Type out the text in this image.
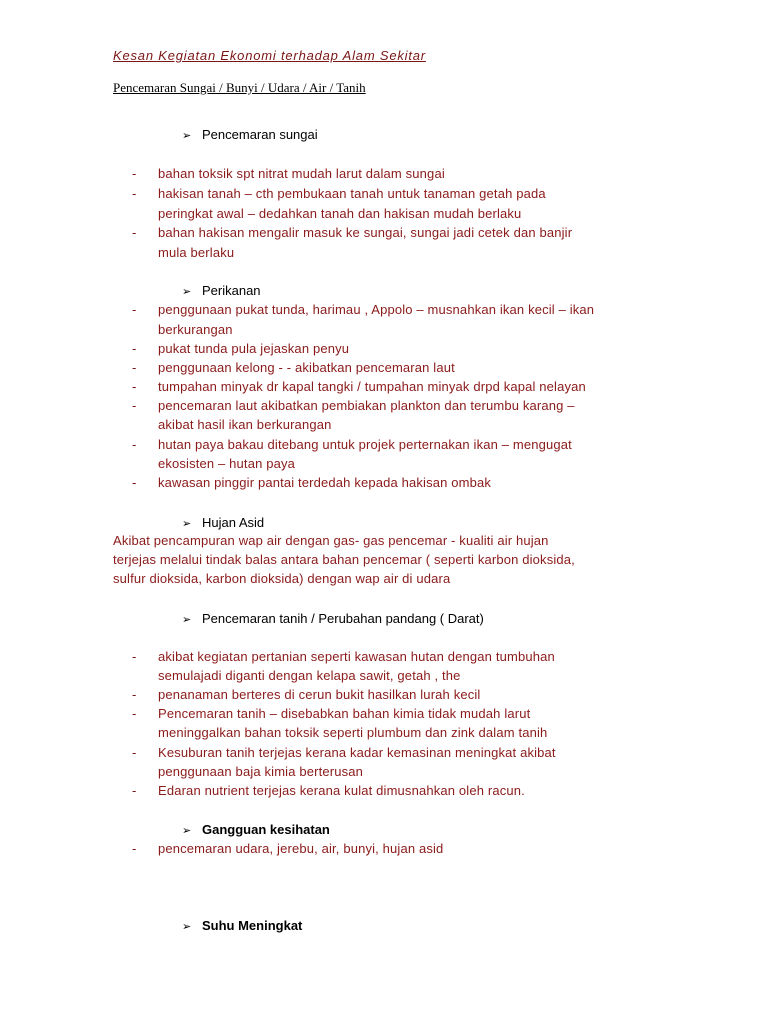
Kesan Kegiatan Ekonomi terhadap Alam Sekitar
Pencemaran Sungai / Bunyi / Udara / Air / Tanih
➢ Pencemaran sungai
- bahan toksik spt nitrat mudah larut dalam sungai
- hakisan tanah – cth pembukaan tanah untuk tanaman getah pada
peringkat awal – dedahkan tanah dan hakisan mudah berlaku
- bahan hakisan mengalir masuk ke sungai, sungai jadi cetek dan banjir
mula berlaku
➢ Perikanan
- penggunaan pukat tunda, harimau , Appolo – musnahkan ikan kecil – ikan
berkurangan
- pukat tunda pula jejaskan penyu
- penggunaan kelong - - akibatkan pencemaran laut
- tumpahan minyak dr kapal tangki / tumpahan minyak drpd kapal nelayan
- pencemaran laut akibatkan pembiakan plankton dan terumbu karang –
akibat hasil ikan berkurangan
- hutan paya bakau ditebang untuk projek perternakan ikan – mengugat
ekosisten – hutan paya
- kawasan pinggir pantai terdedah kepada hakisan ombak
➢ Hujan Asid
Akibat pencampuran wap air dengan gas- gas pencemar - kualiti air hujan
terjejas melalui tindak balas antara bahan pencemar ( seperti karbon dioksida,
sulfur dioksida, karbon dioksida) dengan wap air di udara
➢ Pencemaran tanih / Perubahan pandang ( Darat)
- akibat kegiatan pertanian seperti kawasan hutan dengan tumbuhan
semulajadi diganti dengan kelapa sawit, getah , the
- penanaman berteres di cerun bukit hasilkan lurah kecil
- Pencemaran tanih – disebabkan bahan kimia tidak mudah larut
meninggalkan bahan toksik seperti plumbum dan zink dalam tanih
- Kesuburan tanih terjejas kerana kadar kemasinan meningkat akibat
penggunaan baja kimia berterusan
- Edaran nutrient terjejas kerana kulat dimusnahkan oleh racun.
➢ Gangguan kesihatan
- pencemaran udara, jerebu, air, bunyi, hujan asid
➢ Suhu Meningkat
